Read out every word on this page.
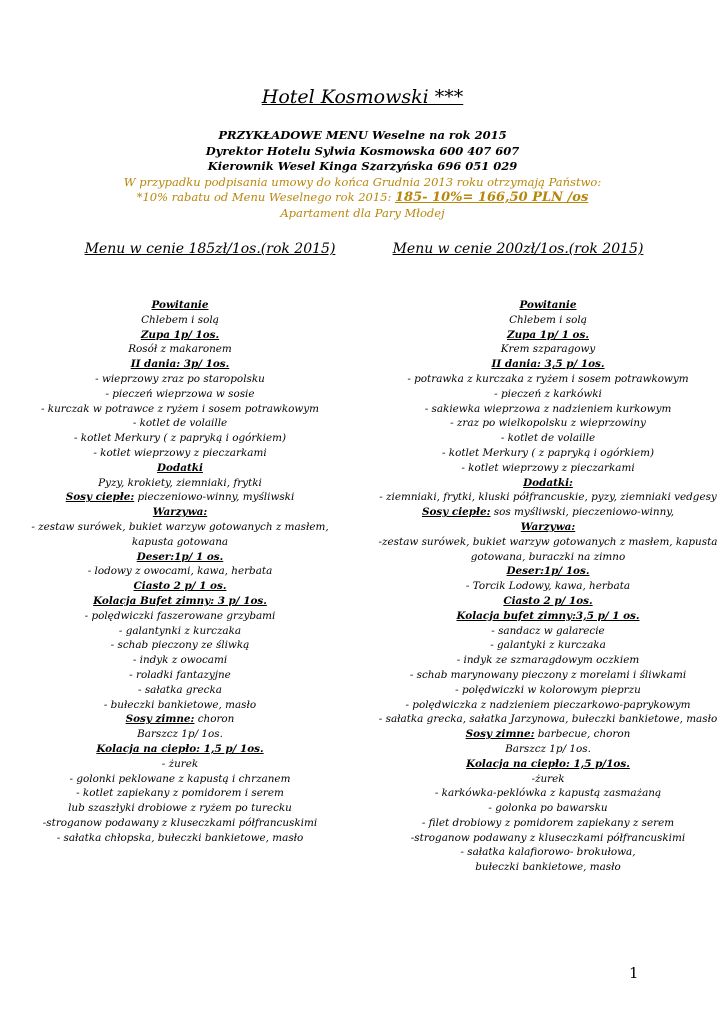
Hotel Kosmowski ***
PRZYKŁADOWE MENU Weselne na rok 2015
Dyrektor Hotelu Sylwia Kosmowska 600 407 607
Kierownik Wesel Kinga Szarzyńska 696 051 029
W przypadku podpisania umowy do końca Grudnia 2013 roku otrzymają Państwo:
*10% rabatu od Menu Weselnego rok 2015: 185- 10%= 166,50 PLN /os
Apartament dla Pary Młodej
Menu w cenie 185zł/1os.(rok 2015)	Menu w cenie 200zł/1os.(rok 2015)
Powitanie
Chlebem i solą
Zupa 1p/ 1os.
Rosół z makaronem
II dania: 3p/ 1os.
- wieprzowy zraz po staropolsku
- pieczeń wieprzowa w sosie
- kurczak w potrawce z ryżem i sosem potrawkowym
- kotlet de volaille
- kotlet Merkury ( z papryką i ogórkiem)
- kotlet wieprzowy z pieczarkami
Dodatki
Pyzy, krokiety, ziemniaki, frytki
Sosy ciepłe: pieczeniowo-winny, myśliwski
Warzywa:
- zestaw surówek, bukiet warzyw gotowanych z masłem,
kapusta gotowana
Deser:1p/ 1 os.
- lodowy z owocami, kawa, herbata
Ciasto 2 p/ 1 os.
Kolacja Bufet zimny: 3 p/ 1os.
- polędwiczki faszerowane grzybami
- galantynki z kurczaka
- schab pieczony ze śliwką
- indyk z owocami
- roladki fantazyjne
- sałatka grecka
- bułeczki bankietowe, masło
Sosy zimne: choron
Barszcz 1p/ 1os.
Kolacja na ciepło: 1,5 p/ 1os.
- żurek
- golonki peklowane z kapustą i chrzanem
- kotlet zapiekany z pomidorem i serem
lub szaszłyki drobiowe z ryżem po turecku
-stroganow podawany z kluseczkami półfrancuskimi
- sałatka chłopska, bułeczki bankietowe, masło
Powitanie
Chlebem i solą
Zupa 1p/ 1 os.
Krem szparagowy
II dania: 3,5 p/ 1os.
- potrawka z kurczaka z ryżem i sosem potrawkowym
- pieczeń z karkówki
- sakiewka wieprzowa z nadzieniem kurkowym
- zraz po wielkopolsku z wieprzowiny
- kotlet de volaille
- kotlet Merkury ( z papryką i ogórkiem)
- kotlet wieprzowy z pieczarkami
Dodatki:
- ziemniaki, frytki, kluski półfrancuskie, pyzy, ziemniaki vedgesy
Sosy ciepłe: sos myśliwski, pieczeniowo-winny,
Warzywa:
-zestaw surówek, bukiet warzyw gotowanych z masłem, kapusta
gotowana, buraczki na zimno
Deser:1p/ 1os.
- Torcik Lodowy, kawa, herbata
Ciasto 2 p/ 1os.
Kolacja bufet zimny:3,5 p/ 1 os.
- sandacz w galarecie
- galantyki z kurczaka
- indyk ze szmaragdowym oczkiem
- schab marynowany pieczony z morelami i śliwkami
- polędwiczki w kolorowym pieprzu
- polędwiczka z nadzieniem pieczarkowo-paprykowym
- sałatka grecka, sałatka Jarzynowa, bułeczki bankietowe, masło
Sosy zimne: barbecue, choron
Barszcz 1p/ 1os.
Kolacja na ciepło: 1,5 p/1os.
-żurek
- karkówka-peklówka z kapustą zasmażaną
- golonka po bawarsku
- filet drobiowy z pomidorem zapiekany z serem
-stroganow podawany z kluseczkami półfrancuskimi
- sałatka kalafiorowo- brokułowa,
bułeczki bankietowe, masło
1
